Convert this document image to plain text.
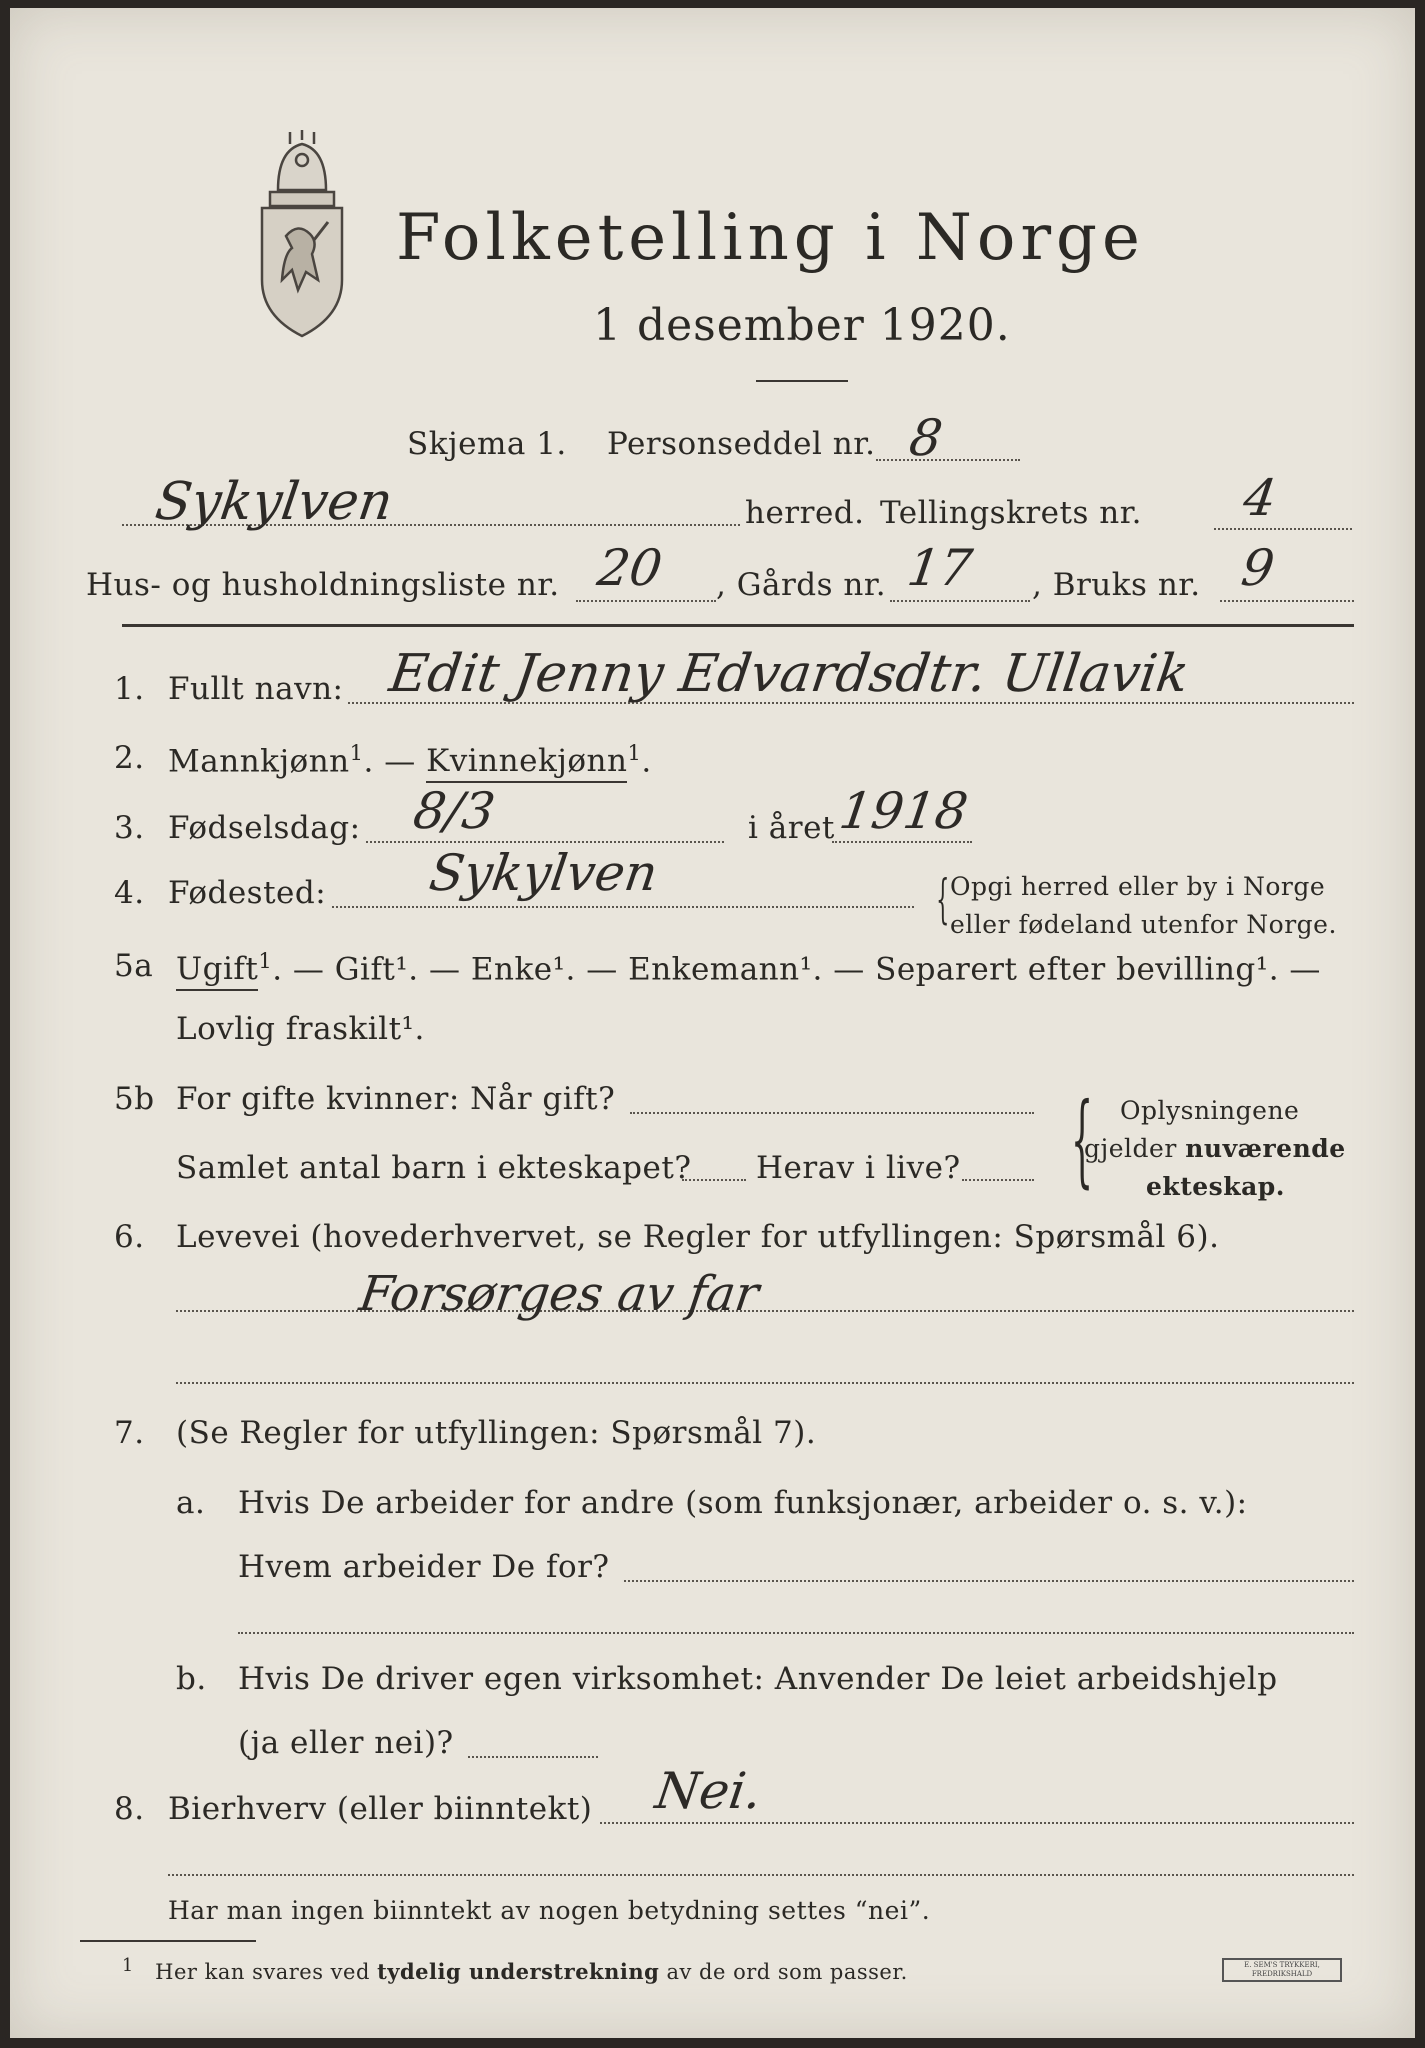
Folketelling i Norge
1 desember 1920.
Skjema 1. Personseddel nr. 8
Sykylven	herred. Tellingskrets nr. 4
Hus- og husholdningsliste nr. 20 , Gårds nr. 17 , Bruks nr. 9
1. Fullt navn: Edit Jenny Edvardsdtr. Ullavik
2. Mannkjønn$^1$. — Kvinnekjønn$^1$.
3. Fødselsdag: 8/3	i året 1918
4. Fødested: Sykylven	{ Opgi herred eller by i Norge
eller fødeland utenfor Norge.
5a Ugift$^1$. — Gift¹. — Enke¹. — Enkemann¹. — Separert efter bevilling¹. —
Lovlig fraskilt¹.
5b For gifte kvinner: Når gift?
Samlet antal barn i ekteskapet? Herav i live? { Oplysningene
gjelder nuværende
ekteskap.
6. Levevei (hovederhvervet, se Regler for utfyllingen: Spørsmål 6).
Forsørges av far
7. (Se Regler for utfyllingen: Spørsmål 7).
a. Hvis De arbeider for andre (som funksjonær, arbeider o. s. v.):
Hvem arbeider De for?
b. Hvis De driver egen virksomhet: Anvender De leiet arbeidshjelp
(ja eller nei)?
8. Bierhverv (eller biinntekt) Nei.
Har man ingen biinntekt av nogen betydning settes “nei”.
$^1$ Her kan svares ved tydelig understrekning av de ord som passer.	E. SEM'S TRYKKERI, FREDRIKSHALD
